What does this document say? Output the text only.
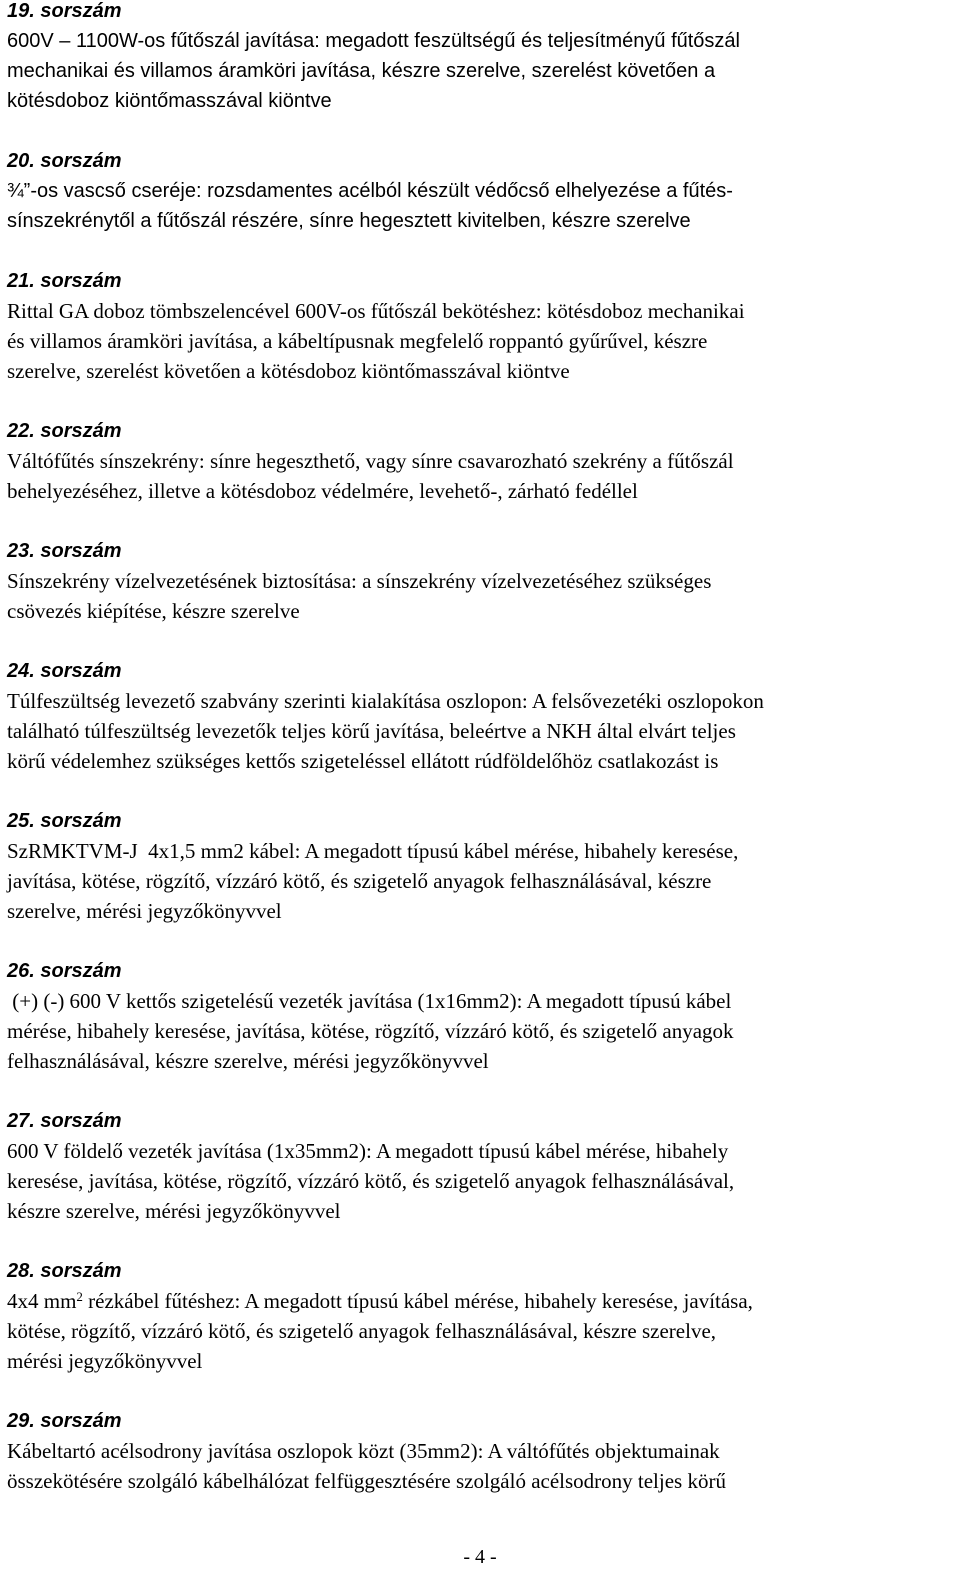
19. sorszám
600V – 1100W-os fűtőszál javítása: megadott feszültségű és teljesítményű fűtőszál
mechanikai és villamos áramköri javítása, készre szerelve, szerelést követően a
kötésdoboz kiöntőmasszával kiöntve
20. sorszám
¾”-os vascső cseréje: rozsdamentes acélból készült védőcső elhelyezése a fűtés-
sínszekrénytől a fűtőszál részére, sínre hegesztett kivitelben, készre szerelve
21. sorszám
Rittal GA doboz tömbszelencével 600V-os fűtőszál bekötéshez: kötésdoboz mechanikai
és villamos áramköri javítása, a kábeltípusnak megfelelő roppantó gyűrűvel, készre
szerelve, szerelést követően a kötésdoboz kiöntőmasszával kiöntve
22. sorszám
Váltófűtés sínszekrény: sínre hegeszthető, vagy sínre csavarozható szekrény a fűtőszál
behelyezéséhez, illetve a kötésdoboz védelmére, levehető-, zárható fedéllel
23. sorszám
Sínszekrény vízelvezetésének biztosítása: a sínszekrény vízelvezetéséhez szükséges
csövezés kiépítése, készre szerelve
24. sorszám
Túlfeszültség levezető szabvány szerinti kialakítása oszlopon: A felsővezetéki oszlopokon
található túlfeszültség levezetők teljes körű javítása, beleértve a NKH által elvárt teljes
körű védelemhez szükséges kettős szigeteléssel ellátott rúdföldelőhöz csatlakozást is
25. sorszám
SzRMKTVM-J  4x1,5 mm2 kábel: A megadott típusú kábel mérése, hibahely keresése,
javítása, kötése, rögzítő, vízzáró kötő, és szigetelő anyagok felhasználásával, készre
szerelve, mérési jegyzőkönyvvel
26. sorszám
(+) (-) 600 V kettős szigetelésű vezeték javítása (1x16mm2): A megadott típusú kábel
mérése, hibahely keresése, javítása, kötése, rögzítő, vízzáró kötő, és szigetelő anyagok
felhasználásával, készre szerelve, mérési jegyzőkönyvvel
27. sorszám
600 V földelő vezeték javítása (1x35mm2): A megadott típusú kábel mérése, hibahely
keresése, javítása, kötése, rögzítő, vízzáró kötő, és szigetelő anyagok felhasználásával,
készre szerelve, mérési jegyzőkönyvvel
28. sorszám
4x4 $mm^2$ rézkábel fűtéshez: A megadott típusú kábel mérése, hibahely keresése, javítása,
kötése, rögzítő, vízzáró kötő, és szigetelő anyagok felhasználásával, készre szerelve,
mérési jegyzőkönyvvel
29. sorszám
Kábeltartó acélsodrony javítása oszlopok közt (35mm2): A váltófűtés objektumainak
összekötésére szolgáló kábelhálózat felfüggesztésére szolgáló acélsodrony teljes körű
- 4 -
